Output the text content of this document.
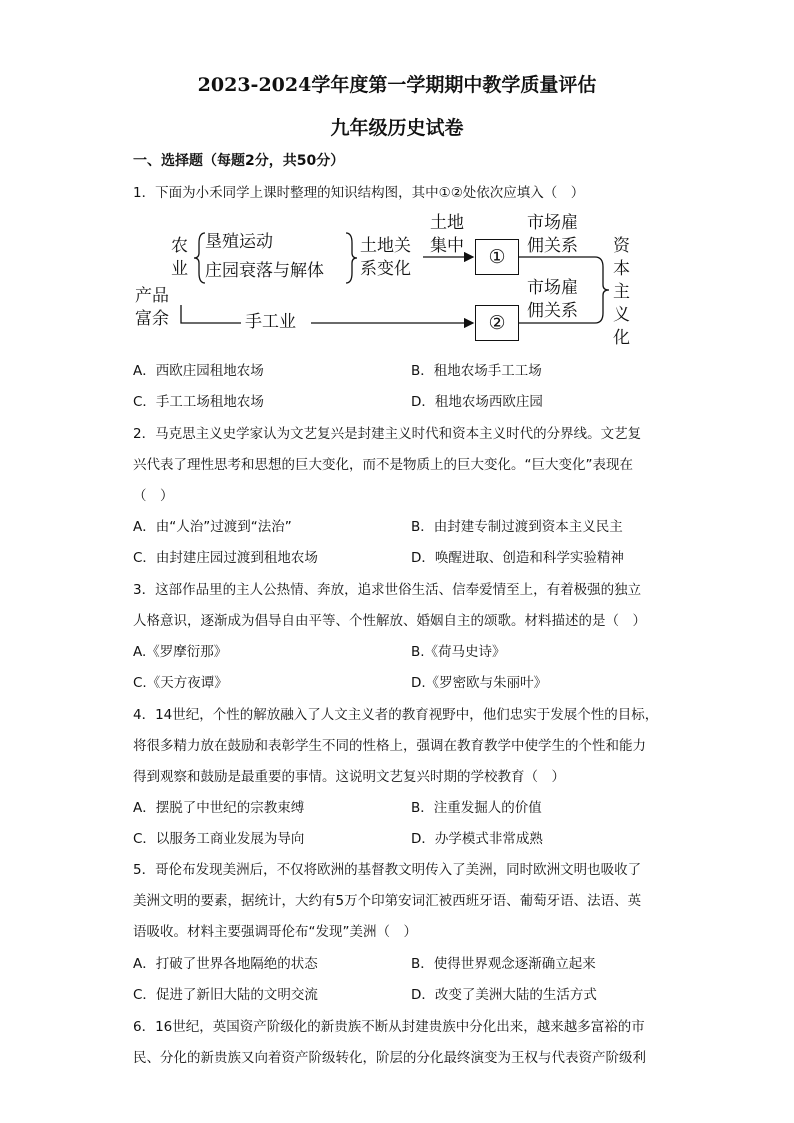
2023-2024学年度第一学期期中教学质量评估
九年级历史试卷
一、选择题（每题2分，共50分）
1．下面为小禾同学上课时整理的知识结构图，其中①②处依次应填入（　）
农
业
垦殖运动
庄园衰落与解体
土地关
系变化
土地
集中	①
②
市场雇
佣关系
市场雇
佣关系
资
本
主
义
化
产品
富余	手工业
A．西欧庄园租地农场	B．租地农场手工工场
C．手工工场租地农场	D．租地农场西欧庄园
2．马克思主义史学家认为文艺复兴是封建主义时代和资本主义时代的分界线。文艺复
兴代表了理性思考和思想的巨大变化，而不是物质上的巨大变化。“巨大变化”表现在
（　）
A．由“人治”过渡到“法治”	B．由封建专制过渡到资本主义民主
C．由封建庄园过渡到租地农场	D．唤醒进取、创造和科学实验精神
3．这部作品里的主人公热情、奔放，追求世俗生活、信奉爱情至上，有着极强的独立
人格意识，逐渐成为倡导自由平等、个性解放、婚姻自主的颂歌。材料描述的是（　）
A.《罗摩衍那》	B.《荷马史诗》
C.《天方夜谭》	D.《罗密欧与朱丽叶》
4．14世纪，个性的解放融入了人文主义者的教育视野中，他们忠实于发展个性的目标，
将很多精力放在鼓励和表彰学生不同的性格上，强调在教育教学中使学生的个性和能力
得到观察和鼓励是最重要的事情。这说明文艺复兴时期的学校教育（　）
A．摆脱了中世纪的宗教束缚	B．注重发掘人的价值
C．以服务工商业发展为导向	D．办学模式非常成熟
5．哥伦布发现美洲后，不仅将欧洲的基督教文明传入了美洲，同时欧洲文明也吸收了
美洲文明的要素，据统计，大约有5万个印第安词汇被西班牙语、葡萄牙语、法语、英
语吸收。材料主要强调哥伦布“发现”美洲（　）
A．打破了世界各地隔绝的状态	B．使得世界观念逐渐确立起来
C．促进了新旧大陆的文明交流	D．改变了美洲大陆的生活方式
6．16世纪，英国资产阶级化的新贵族不断从封建贵族中分化出来，越来越多富裕的市
民、分化的新贵族又向着资产阶级转化，阶层的分化最终演变为王权与代表资产阶级利
